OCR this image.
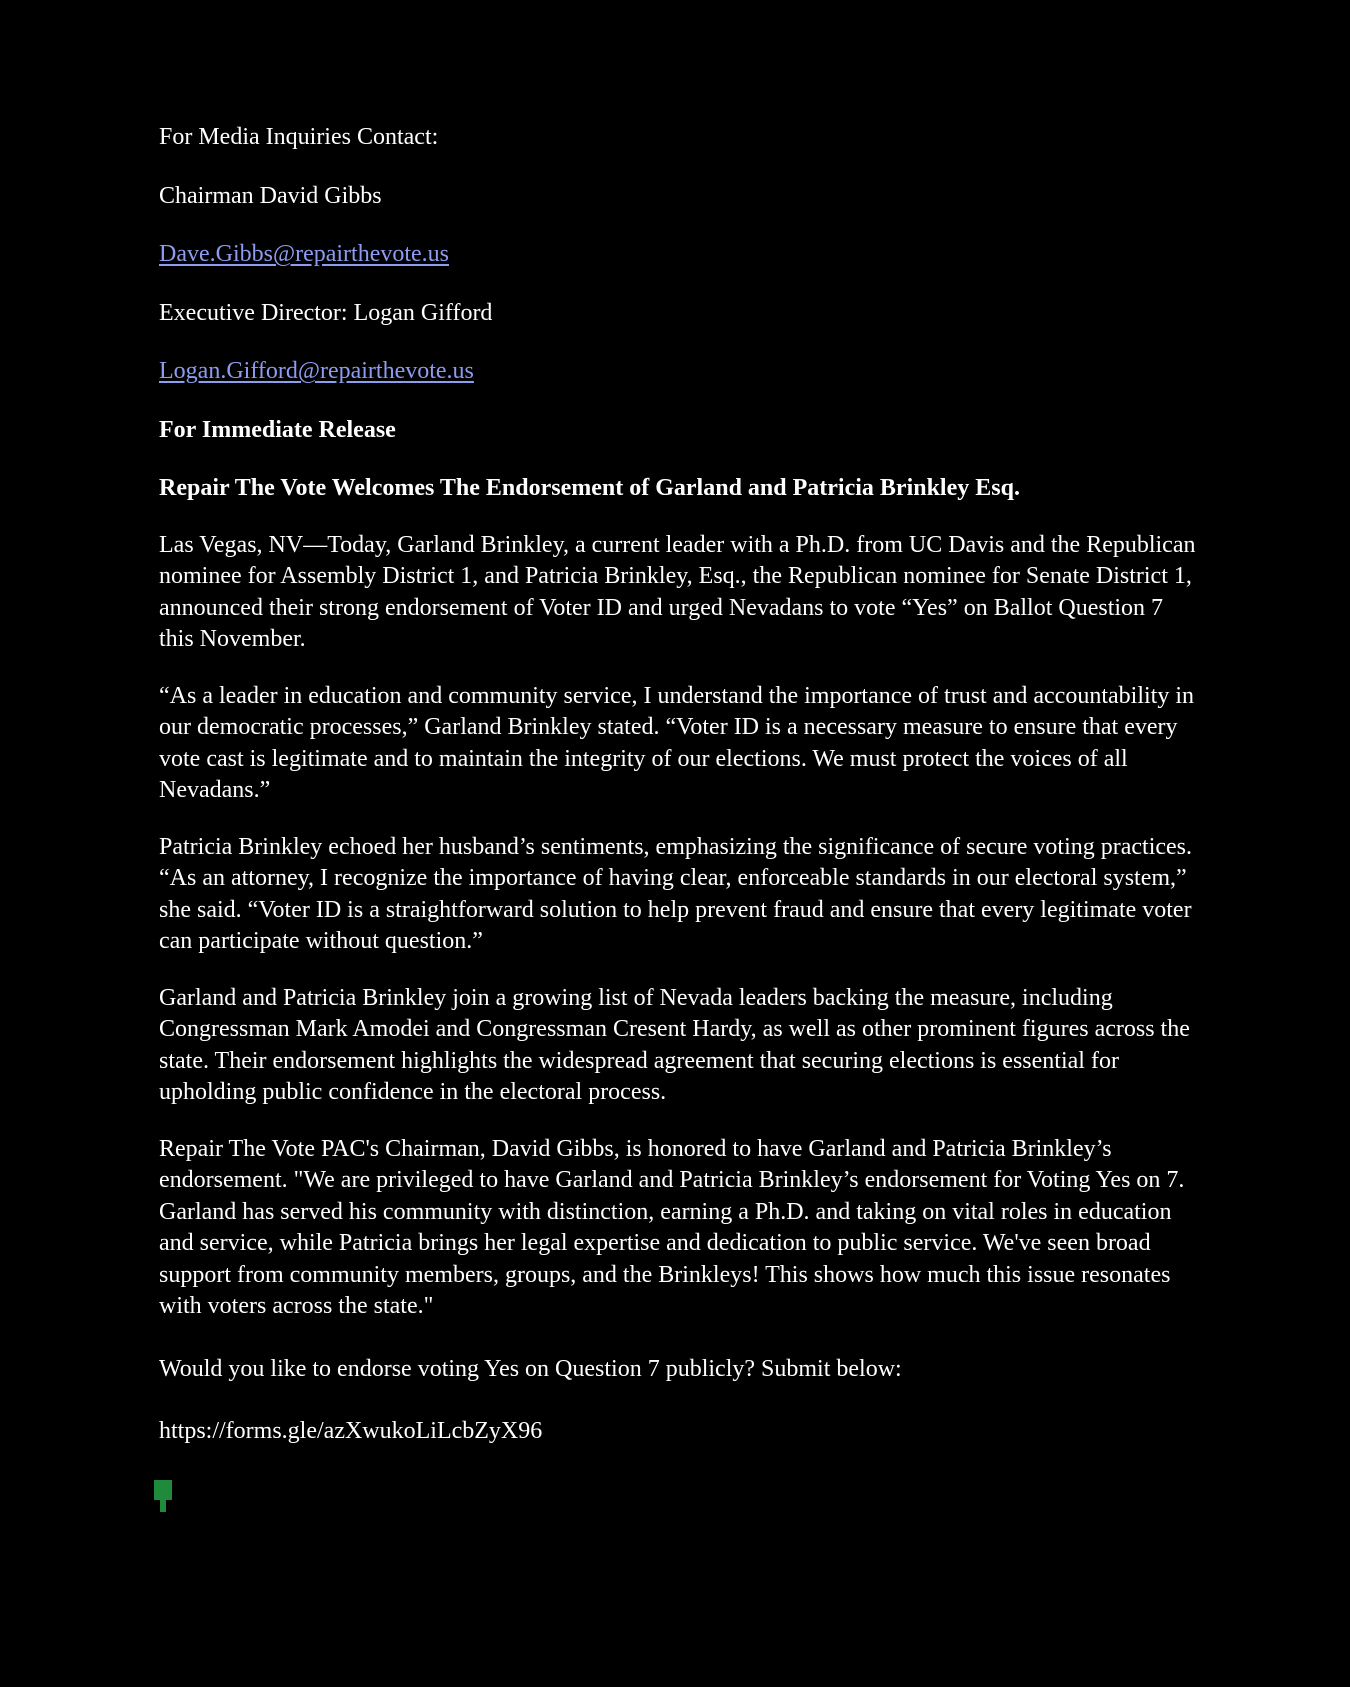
For Media Inquiries Contact:

Chairman David Gibbs

Dave.Gibbs@repairthevote.us

Executive Director: Logan Gifford

Logan.Gifford@repairthevote.us

For Immediate Release

Repair The Vote Welcomes The Endorsement of Garland and Patricia Brinkley Esq.

Las Vegas, NV—Today, Garland Brinkley, a current leader with a Ph.D. from UC Davis and the Republican nominee for Assembly District 1, and Patricia Brinkley, Esq., the Republican nominee for Senate District 1, announced their strong endorsement of Voter ID and urged Nevadans to vote “Yes” on Ballot Question 7 this November.

“As a leader in education and community service, I understand the importance of trust and accountability in our democratic processes,” Garland Brinkley stated. “Voter ID is a necessary measure to ensure that every vote cast is legitimate and to maintain the integrity of our elections. We must protect the voices of all Nevadans.”

Patricia Brinkley echoed her husband’s sentiments, emphasizing the significance of secure voting practices. “As an attorney, I recognize the importance of having clear, enforceable standards in our electoral system,” she said. “Voter ID is a straightforward solution to help prevent fraud and ensure that every legitimate voter can participate without question.”

Garland and Patricia Brinkley join a growing list of Nevada leaders backing the measure, including Congressman Mark Amodei and Congressman Cresent Hardy, as well as other prominent figures across the state. Their endorsement highlights the widespread agreement that securing elections is essential for upholding public confidence in the electoral process.

Repair The Vote PAC's Chairman, David Gibbs, is honored to have Garland and Patricia Brinkley’s endorsement. "We are privileged to have Garland and Patricia Brinkley’s endorsement for Voting Yes on 7. Garland has served his community with distinction, earning a Ph.D. and taking on vital roles in education and service, while Patricia brings her legal expertise and dedication to public service. We've seen broad support from community members, groups, and the Brinkleys! This shows how much this issue resonates with voters across the state."

Would you like to endorse voting Yes on Question 7 publicly? Submit below:

https://forms.gle/azXwukoLiLcbZyX96
